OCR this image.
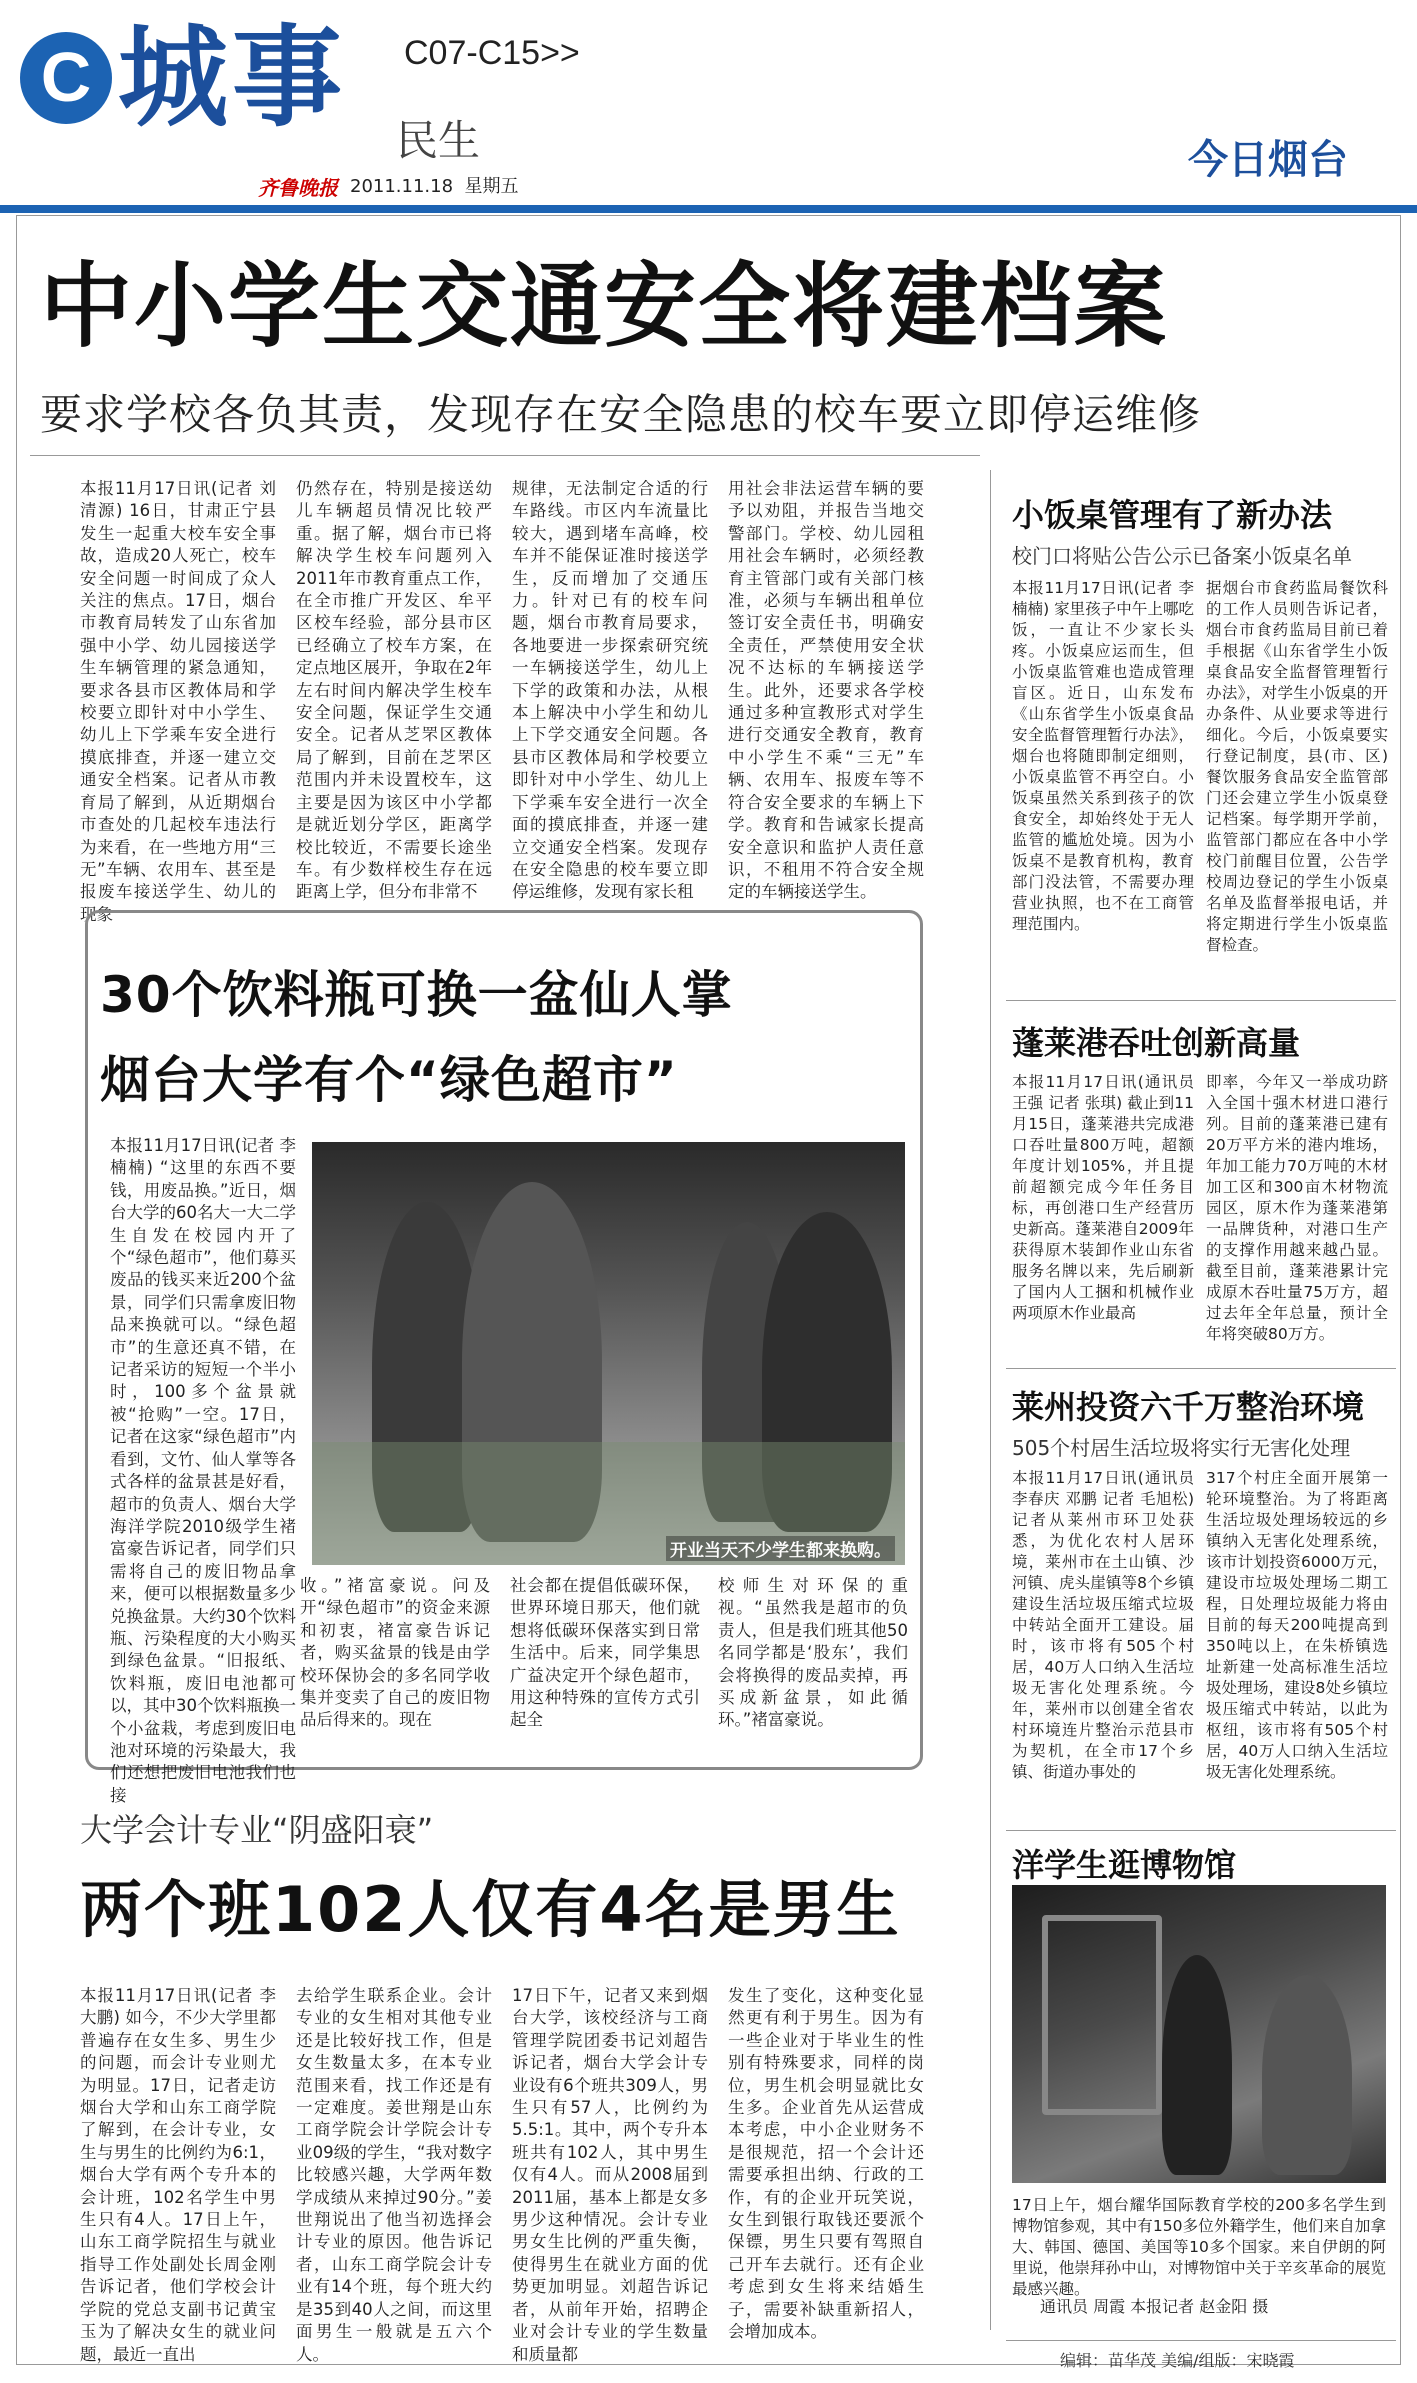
C 城事 C07-C15>>
民生
齐鲁晚报 2011.11.18 星期五
今日烟台
中小学生交通安全将建档案
要求学校各负其责，发现存在安全隐患的校车要立即停运维修
本报11月17日讯(记者 刘清源) 16日，甘肃正宁县发生一起重大校车安全事故，造成20人死亡，校车安全问题一时间成了众人关注的焦点。17日，烟台市教育局转发了山东省加强中小学、幼儿园接送学生车辆管理的紧急通知，要求各县市区教体局和学校要立即针对中小学生、幼儿上下学乘车安全进行摸底排查，并逐一建立交通安全档案。记者从市教育局了解到，从近期烟台市查处的几起校车违法行为来看，在一些地方用“三无”车辆、农用车、甚至是报废车接送学生、幼儿的现象
仍然存在，特别是接送幼儿车辆超员情况比较严重。据了解，烟台市已将解决学生校车问题列入2011年市教育重点工作，在全市推广开发区、牟平区校车经验，部分县市区已经确立了校车方案，在定点地区展开，争取在2年左右时间内解决学生校车安全问题，保证学生交通安全。记者从芝罘区教体局了解到，目前在芝罘区范围内并未设置校车，这主要是因为该区中小学都是就近划分学区，距离学校比较近，不需要长途坐车。有少数样校生存在远距离上学，但分布非常不
规律，无法制定合适的行车路线。市区内车流量比较大，遇到堵车高峰，校车并不能保证准时接送学生，反而增加了交通压力。针对已有的校车问题，烟台市教育局要求，各地要进一步探索研究统一车辆接送学生，幼儿上下学的政策和办法，从根本上解决中小学生和幼儿上下学交通安全问题。各县市区教体局和学校要立即针对中小学生、幼儿上下学乘车安全进行一次全面的摸底排查，并逐一建立交通安全档案。发现存在安全隐患的校车要立即停运维修，发现有家长租
用社会非法运营车辆的要予以劝阻，并报告当地交警部门。学校、幼儿园租用社会车辆时，必须经教育主管部门或有关部门核准，必须与车辆出租单位签订安全责任书，明确安全责任，严禁使用安全状况不达标的车辆接送学生。此外，还要求各学校通过多种宣教形式对学生进行交通安全教育，教育中小学生不乘“三无”车辆、农用车、报废车等不符合安全要求的车辆上下学。教育和告诫家长提高安全意识和监护人责任意识，不租用不符合安全规定的车辆接送学生。
30个饮料瓶可换一盆仙人掌
烟台大学有个“绿色超市”
本报11月17日讯(记者 李楠楠) “这里的东西不要钱，用废品换。”近日，烟台大学的60名大一大二学生自发在校园内开了个“绿色超市”，他们募买废品的钱买来近200个盆景，同学们只需拿废旧物品来换就可以。“绿色超市”的生意还真不错，在记者采访的短短一个半小时，100多个盆景就被“抢购”一空。17日，记者在这家“绿色超市”内看到，文竹、仙人掌等各式各样的盆景甚是好看，超市的负责人、烟台大学海洋学院2010级学生褚富豪告诉记者，同学们只需将自己的废旧物品拿来，便可以根据数量多少兑换盆景。大约30个饮料瓶、污染程度的大小购买到绿色盆景。“旧报纸、饮料瓶，废旧电池都可以，其中30个饮料瓶换一个小盆栽，考虑到废旧电池对环境的污染最大，我们还想把废旧电池我们也接
开业当天不少学生都来换购。
收。”褚富豪说。问及开“绿色超市”的资金来源和初衷，褚富豪告诉记者，购买盆景的钱是由学校环保协会的多名同学收集并变卖了自己的废旧物品后得来的。现在
社会都在提倡低碳环保，世界环境日那天，他们就想将低碳环保落实到日常生活中。后来，同学集思广益决定开个绿色超市，用这种特殊的宣传方式引起全
校师生对环保的重视。“虽然我是超市的负责人，但是我们班其他50名同学都是‘股东’，我们会将换得的废品卖掉，再买成新盆景，如此循环。”褚富豪说。
大学会计专业“阴盛阳衰”
两个班102人仅有4名是男生
本报11月17日讯(记者 李大鹏) 如今，不少大学里都普遍存在女生多、男生少的问题，而会计专业则尤为明显。17日，记者走访烟台大学和山东工商学院了解到，在会计专业，女生与男生的比例约为6:1，烟台大学有两个专升本的会计班，102名学生中男生只有4人。17日上午，山东工商学院招生与就业指导工作处副处长周金刚告诉记者，他们学校会计学院的党总支副书记黄宝玉为了解决女生的就业问题，最近一直出
去给学生联系企业。会计专业的女生相对其他专业还是比较好找工作，但是女生数量太多，在本专业范围来看，找工作还是有一定难度。姜世翔是山东工商学院会计学院会计专业09级的学生，“我对数字比较感兴趣，大学两年数学成绩从来掉过90分。”姜世翔说出了他当初选择会计专业的原因。他告诉记者，山东工商学院会计专业有14个班，每个班大约是35到40人之间，而这里面男生一般就是五六个人。
17日下午，记者又来到烟台大学，该校经济与工商管理学院团委书记刘超告诉记者，烟台大学会计专业设有6个班共309人，男生只有57人，比例约为5.5:1。其中，两个专升本班共有102人，其中男生仅有4人。而从2008届到2011届，基本上都是女多男少这种情况。会计专业男女生比例的严重失衡，使得男生在就业方面的优势更加明显。刘超告诉记者，从前年开始，招聘企业对会计专业的学生数量和质量都
发生了变化，这种变化显然更有利于男生。因为有一些企业对于毕业生的性别有特殊要求，同样的岗位，男生机会明显就比女生多。企业首先从运营成本考虑，中小企业财务不是很规范，招一个会计还需要承担出纳、行政的工作，有的企业开玩笑说，女生到银行取钱还要派个保镖，男生只要有驾照自己开车去就行。还有企业考虑到女生将来结婚生子，需要补缺重新招人，会增加成本。
小饭桌管理有了新办法
校门口将贴公告公示已备案小饭桌名单
本报11月17日讯(记者 李楠楠) 家里孩子中午上哪吃饭，一直让不少家长头疼。小饭桌应运而生，但小饭桌监管难也造成管理盲区。近日，山东发布《山东省学生小饭桌食品安全监督管理暂行办法》，烟台也将随即制定细则，小饭桌监管不再空白。小饭桌虽然关系到孩子的饮食安全，却始终处于无人监管的尴尬处境。因为小饭桌不是教育机构，教育部门没法管，不需要办理营业执照，也不在工商管理范围内。
据烟台市食药监局餐饮科的工作人员则告诉记者，烟台市食药监局目前已着手根据《山东省学生小饭桌食品安全监督管理暂行办法》，对学生小饭桌的开办条件、从业要求等进行细化。今后，小饭桌要实行登记制度，县(市、区)餐饮服务食品安全监管部门还会建立学生小饭桌登记档案。每学期开学前，监管部门都应在各中小学校门前醒目位置，公告学校周边登记的学生小饭桌名单及监督举报电话，并将定期进行学生小饭桌监督检查。
蓬莱港吞吐创新高量
本报11月17日讯(通讯员 王强 记者 张琪) 截止到11月15日，蓬莱港共完成港口吞吐量800万吨，超额年度计划105%，并且提前超额完成今年任务目标，再创港口生产经营历史新高。蓬莱港自2009年获得原木装卸作业山东省服务名牌以来，先后刷新了国内人工捆和机械作业两项原木作业最高
即率，今年又一举成功跻入全国十强木材进口港行列。目前的蓬莱港已建有20万平方米的港内堆场，年加工能力70万吨的木材加工区和300亩木材物流园区，原木作为蓬莱港第一品牌货种，对港口生产的支撑作用越来越凸显。截至目前，蓬莱港累计完成原木吞吐量75万方，超过去年全年总量，预计全年将突破80万方。
莱州投资六千万整治环境
505个村居生活垃圾将实行无害化处理
本报11月17日讯(通讯员 李春庆 邓鹏 记者 毛旭松) 记者从莱州市环卫处获悉，为优化农村人居环境，莱州市在土山镇、沙河镇、虎头崖镇等8个乡镇建设生活垃圾压缩式垃圾中转站全面开工建设。届时，该市将有505个村居，40万人口纳入生活垃圾无害化处理系统。今年，莱州市以创建全省农村环境连片整治示范县市为契机，在全市17个乡镇、街道办事处的
317个村庄全面开展第一轮环境整治。为了将距离生活垃圾处理场较远的乡镇纳入无害化处理系统，该市计划投资6000万元，建设市垃圾处理场二期工程，日处理垃圾能力将由目前的每天200吨提高到350吨以上，在朱桥镇选址新建一处高标准生活垃圾处理场，建设8处乡镇垃圾压缩式中转站，以此为枢纽，该市将有505个村居，40万人口纳入生活垃圾无害化处理系统。
洋学生逛博物馆
17日上午，烟台耀华国际教育学校的200多名学生到博物馆参观，其中有150多位外籍学生，他们来自加拿大、韩国、德国、美国等10多个国家。来自伊朗的阿里说，他崇拜孙中山，对博物馆中关于辛亥革命的展览最感兴趣。
通讯员 周霞 本报记者 赵金阳 摄
编辑：苗华茂 美编/组版：宋晓霞
